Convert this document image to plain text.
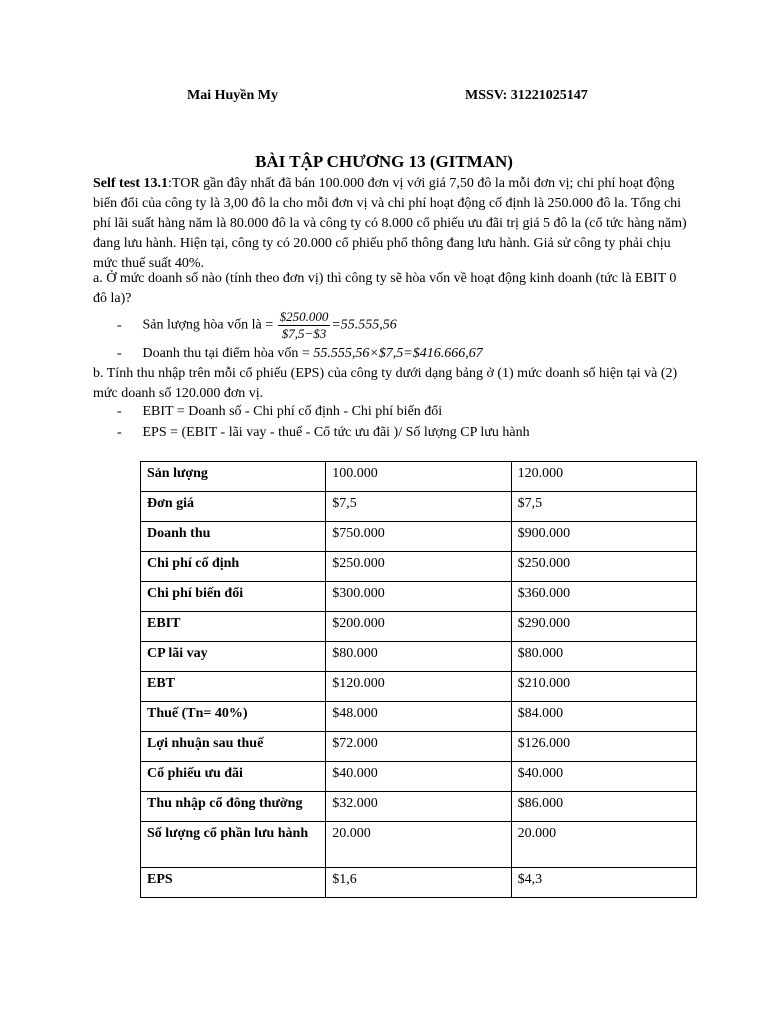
Mai Huyền My	MSSV: 31221025147
BÀI TẬP CHƯƠNG 13 (GITMAN)
Self test 13.1:TOR gần đây nhất đã bán 100.000 đơn vị với giá 7,50 đô la mỗi đơn vị; chi phí hoạt động biến đổi của công ty là 3,00 đô la cho mỗi đơn vị và chi phí hoạt động cố định là 250.000 đô la. Tổng chi phí lãi suất hàng năm là 80.000 đô la và công ty có 8.000 cổ phiếu ưu đãi trị giá 5 đô la (cổ tức hàng năm) đang lưu hành. Hiện tại, công ty có 20.000 cổ phiếu phổ thông đang lưu hành. Giả sử công ty phải chịu mức thuế suất 40%.
a. Ở mức doanh số nào (tính theo đơn vị) thì công ty sẽ hòa vốn về hoạt động kinh doanh (tức là EBIT 0 đô la)?
- Sản lượng hòa vốn là = $\frac{\$250.000}{\$7,5-\$3} =55.555,56$
- Doanh thu tại điểm hòa vốn = 55.555,56×$7,5=$416.666,67
b. Tính thu nhập trên mỗi cổ phiếu (EPS) của công ty dưới dạng bảng ở (1) mức doanh số hiện tại và (2) mức doanh số 120.000 đơn vị.
- EBIT = Doanh số - Chi phí cố định - Chi phí biến đổi
- EPS = (EBIT - lãi vay - thuế - Cổ tức ưu đãi )/ Số lượng CP lưu hành
Sản lượng	100.000	120.000
Đơn giá	$7,5	$7,5
Doanh thu	$750.000	$900.000
Chi phí cố định	$250.000	$250.000
Chi phí biến đổi	$300.000	$360.000
EBIT	$200.000	$290.000
CP lãi vay	$80.000	$80.000
EBT	$120.000	$210.000
Thuế (Tn= 40%)	$48.000	$84.000
Lợi nhuận sau thuế	$72.000	$126.000
Cổ phiếu ưu đãi	$40.000	$40.000
Thu nhập cổ đông thường	$32.000	$86.000
Số lượng cổ phần lưu hành	20.000	20.000
EPS	$1,6	$4,3
